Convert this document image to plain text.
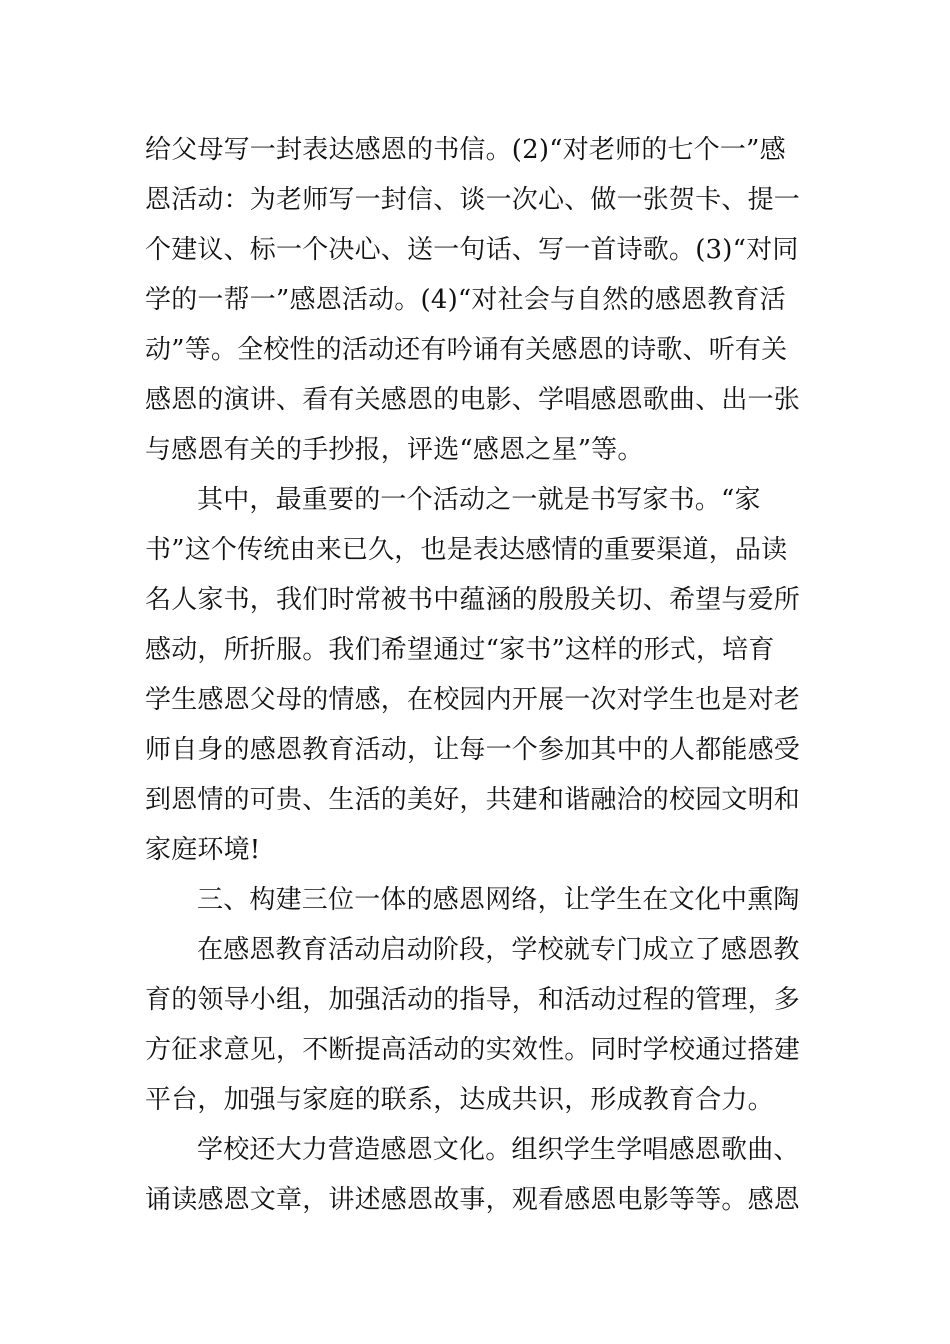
给父母写一封表达感恩的书信。(2)“对老师的七个一”感
恩活动：为老师写一封信、谈一次心、做一张贺卡、提一
个建议、标一个决心、送一句话、写一首诗歌。(3)“对同
学的一帮一”感恩活动。(4)“对社会与自然的感恩教育活
动”等。全校性的活动还有吟诵有关感恩的诗歌、听有关
感恩的演讲、看有关感恩的电影、学唱感恩歌曲、出一张
与感恩有关的手抄报，评选“感恩之星”等。
其中，最重要的一个活动之一就是书写家书。“家
书”这个传统由来已久，也是表达感情的重要渠道，品读
名人家书，我们时常被书中蕴涵的殷殷关切、希望与爱所
感动，所折服。我们希望通过“家书”这样的形式，培育
学生感恩父母的情感，在校园内开展一次对学生也是对老
师自身的感恩教育活动，让每一个参加其中的人都能感受
到恩情的可贵、生活的美好，共建和谐融洽的校园文明和
家庭环境!
三、构建三位一体的感恩网络，让学生在文化中熏陶
在感恩教育活动启动阶段，学校就专门成立了感恩教
育的领导小组，加强活动的指导，和活动过程的管理，多
方征求意见，不断提高活动的实效性。同时学校通过搭建
平台，加强与家庭的联系，达成共识，形成教育合力。
学校还大力营造感恩文化。组织学生学唱感恩歌曲、
诵读感恩文章，讲述感恩故事，观看感恩电影等等。感恩
